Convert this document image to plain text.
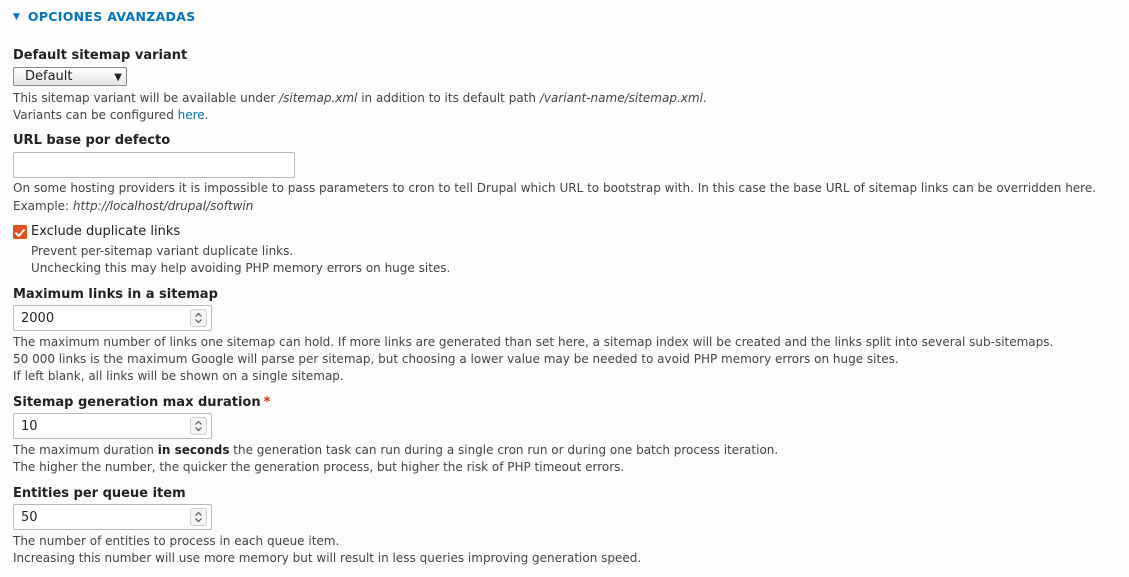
▼ OPCIONES AVANZADAS
Default sitemap variant
Default	▼
This sitemap variant will be available under /sitemap.xml in addition to its default path /variant-name/sitemap.xml.
Variants can be configured here.
URL base por defecto
On some hosting providers it is impossible to pass parameters to cron to tell Drupal which URL to bootstrap with. In this case the base URL of sitemap links can be overridden here.
Example: http://localhost/drupal/softwin
Exclude duplicate links
Prevent per-sitemap variant duplicate links.
Unchecking this may help avoiding PHP memory errors on huge sites.
Maximum links in a sitemap
2000
The maximum number of links one sitemap can hold. If more links are generated than set here, a sitemap index will be created and the links split into several sub-sitemaps.
50 000 links is the maximum Google will parse per sitemap, but choosing a lower value may be needed to avoid PHP memory errors on huge sites.
If left blank, all links will be shown on a single sitemap.
Sitemap generation max duration *
10
The maximum duration in seconds the generation task can run during a single cron run or during one batch process iteration.
The higher the number, the quicker the generation process, but higher the risk of PHP timeout errors.
Entities per queue item
50
The number of entities to process in each queue item.
Increasing this number will use more memory but will result in less queries improving generation speed.
